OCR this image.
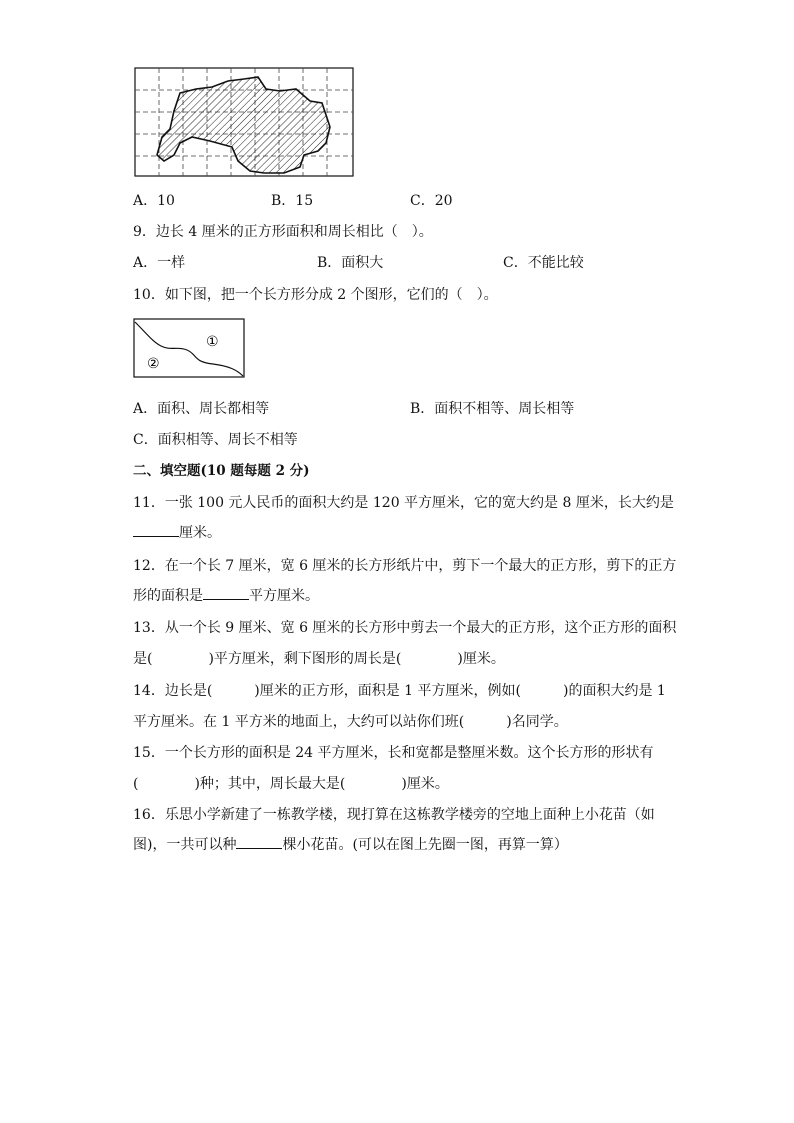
A．10	B．15	C．20
9．边长 4 厘米的正方形面积和周长相比（　）。
A．一样	B．面积大	C．不能比较
10．如下图，把一个长方形分成 2 个图形，它们的（　）。
①
②
A．面积、周长都相等	B．面积不相等、周长相等
C．面积相等、周长不相等
二、填空题(10 题每题 2 分)
11．一张 100 元人民币的面积大约是 120 平方厘米，它的宽大约是 8 厘米，长大约是
厘米。
12．在一个长 7 厘米，宽 6 厘米的长方形纸片中，剪下一个最大的正方形，剪下的正方
形的面积是	平方厘米。
13．从一个长 9 厘米、宽 6 厘米的长方形中剪去一个最大的正方形，这个正方形的面积
是(　　　　)平方厘米，剩下图形的周长是(　　　　)厘米。
14．边长是(　　　)厘米的正方形，面积是 1 平方厘米，例如(　　　)的面积大约是 1
平方厘米。在 1 平方米的地面上，大约可以站你们班(　　　)名同学。
15．一个长方形的面积是 24 平方厘米，长和宽都是整厘米数。这个长方形的形状有
(　　　　)种；其中，周长最大是(　　　　)厘米。
16．乐思小学新建了一栋教学楼，现打算在这栋教学楼旁的空地上面种上小花苗（如
图)，一共可以种	棵小花苗。(可以在图上先圈一图，再算一算）
